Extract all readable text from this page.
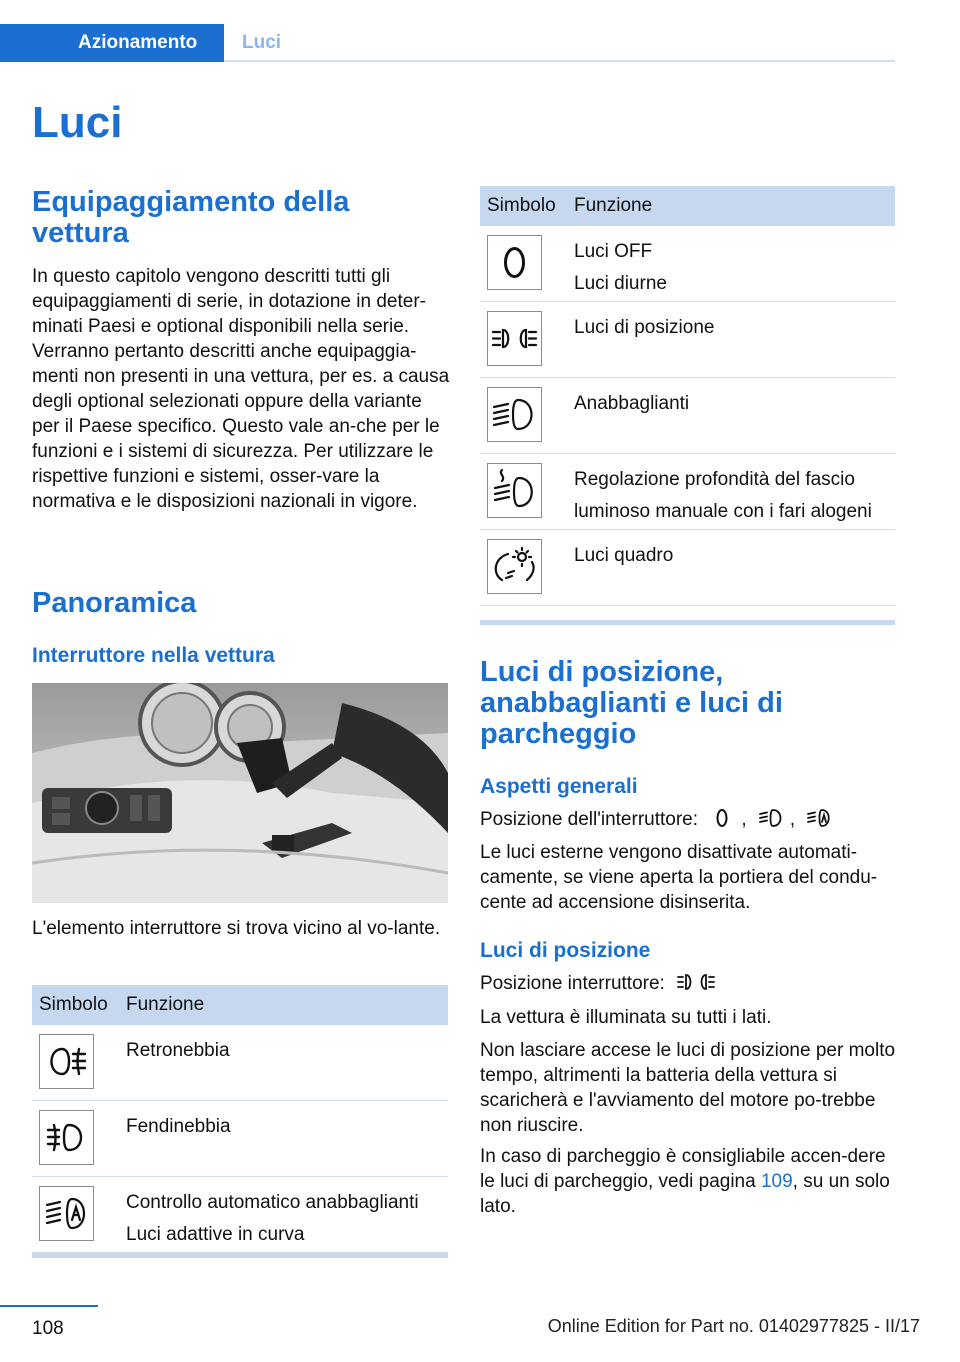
Azionamento	Luci
Luci
Equipaggiamento della vettura
In questo capitolo vengono descritti tutti gli equipaggiamenti di serie, in dotazione in deter-minati Paesi e optional disponibili nella serie. Verranno pertanto descritti anche equipaggia-menti non presenti in una vettura, per es. a causa degli optional selezionati oppure della variante per il Paese specifico. Questo vale an-che per le funzioni e i sistemi di sicurezza. Per utilizzare le rispettive funzioni e sistemi, osser-vare la normativa e le disposizioni nazionali in vigore.
Panoramica
Interruttore nella vettura
L'elemento interruttore si trova vicino al vo-lante.
Simbolo Funzione
Retronebbia
Fendinebbia
Controllo automatico anabbaglianti
Luci adattive in curva
Simbolo Funzione
Luci OFF
Luci diurne
Luci di posizione
Anabbaglianti
Regolazione profondità del fascio
luminoso manuale con i fari alogeni
Luci quadro
Luci di posizione, anabbaglianti e luci di parcheggio
Aspetti generali
Posizione dell'interruttore: , ,
Le luci esterne vengono disattivate automati-camente, se viene aperta la portiera del condu-cente ad accensione disinserita.
Luci di posizione
Posizione interruttore:
La vettura è illuminata su tutti i lati.
Non lasciare accese le luci di posizione per molto tempo, altrimenti la batteria della vettura si scaricherà e l'avviamento del motore po-trebbe non riuscire.
In caso di parcheggio è consigliabile accen-dere le luci di parcheggio, vedi pagina 109, su un solo lato.
108	Online Edition for Part no. 01402977825 - II/17
